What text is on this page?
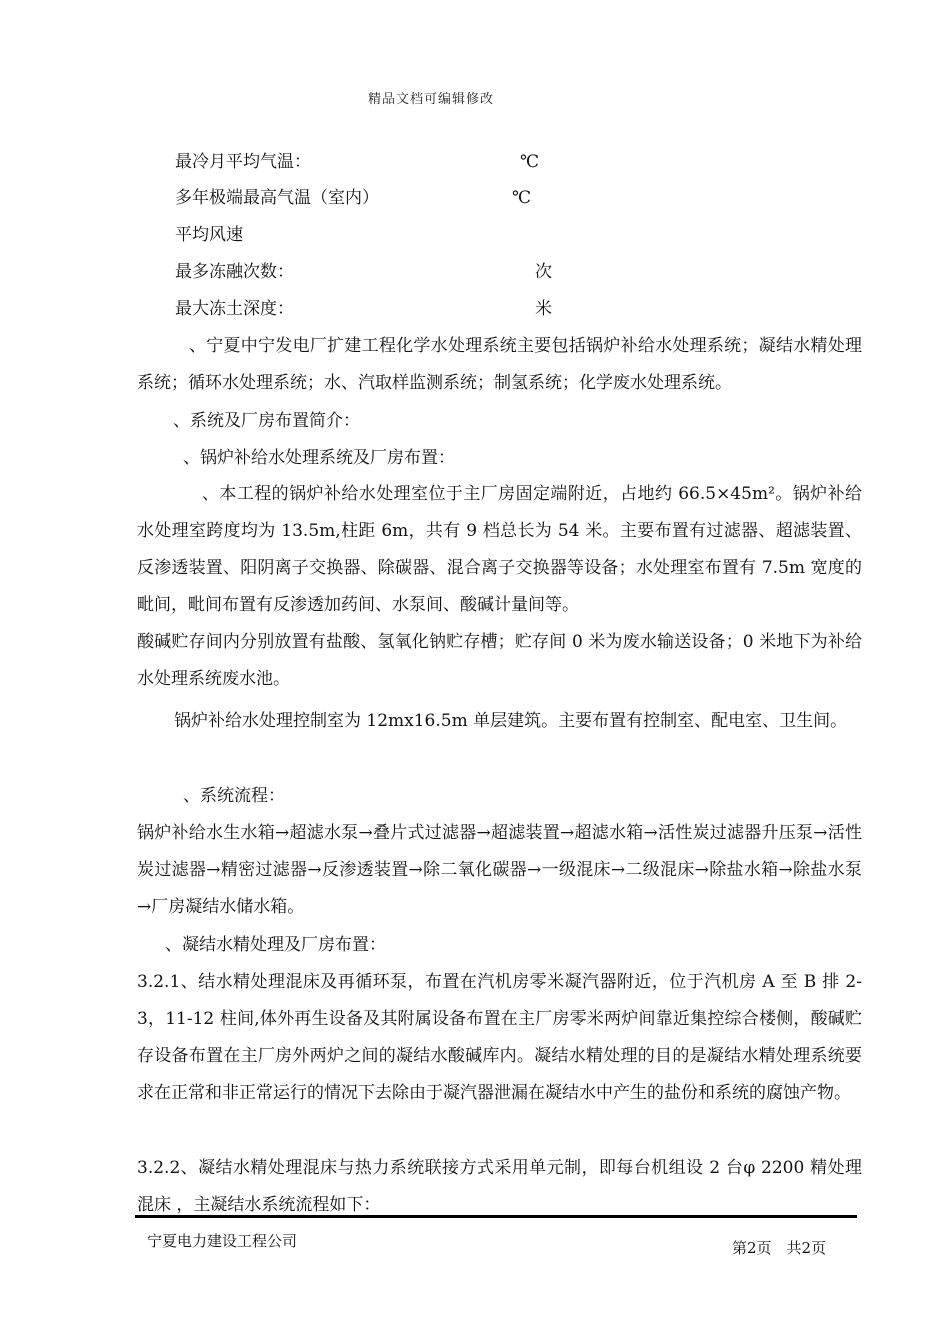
精品文档可编辑修改
最冷月平均气温：	℃
多年极端最高气温（室内）	℃
平均风速
最多冻融次数：	次
最大冻土深度：	米
、宁夏中宁发电厂扩建工程化学水处理系统主要包括锅炉补给水处理系统；凝结水精处理系统；循环水处理系统；水、汽取样监测系统；制氢系统；化学废水处理系统。
、系统及厂房布置简介：
、锅炉补给水处理系统及厂房布置：
、本工程的锅炉补给水处理室位于主厂房固定端附近，占地约 66.5×45m²。锅炉补给水处理室跨度均为 13.5m,柱距 6m，共有 9 档总长为 54 米。主要布置有过滤器、超滤装置、反渗透装置、阳阴离子交换器、除碳器、混合离子交换器等设备；水处理室布置有 7.5m 宽度的毗间，毗间布置有反渗透加药间、水泵间、酸碱计量间等。
酸碱贮存间内分别放置有盐酸、氢氧化钠贮存槽；贮存间 0 米为废水输送设备；0 米地下为补给水处理系统废水池。
锅炉补给水处理控制室为 12mx16.5m 单层建筑。主要布置有控制室、配电室、卫生间。
、系统流程：
锅炉补给水生水箱→超滤水泵→叠片式过滤器→超滤装置→超滤水箱→活性炭过滤器升压泵→活性炭过滤器→精密过滤器→反渗透装置→除二氧化碳器→一级混床→二级混床→除盐水箱→除盐水泵→厂房凝结水储水箱。
、凝结水精处理及厂房布置：
3.2.1、结水精处理混床及再循环泵，布置在汽机房零米凝汽器附近，位于汽机房 A 至 B 排 2-3，11-12 柱间,体外再生设备及其附属设备布置在主厂房零米两炉间靠近集控综合楼侧，酸碱贮存设备布置在主厂房外两炉之间的凝结水酸碱库内。凝结水精处理的目的是凝结水精处理系统要求在正常和非正常运行的情况下去除由于凝汽器泄漏在凝结水中产生的盐份和系统的腐蚀产物。
3.2.2、凝结水精处理混床与热力系统联接方式采用单元制，即每台机组设 2 台φ 2200 精处理混床 ，主凝结水系统流程如下：
宁夏电力建设工程公司	第2页　共2页
